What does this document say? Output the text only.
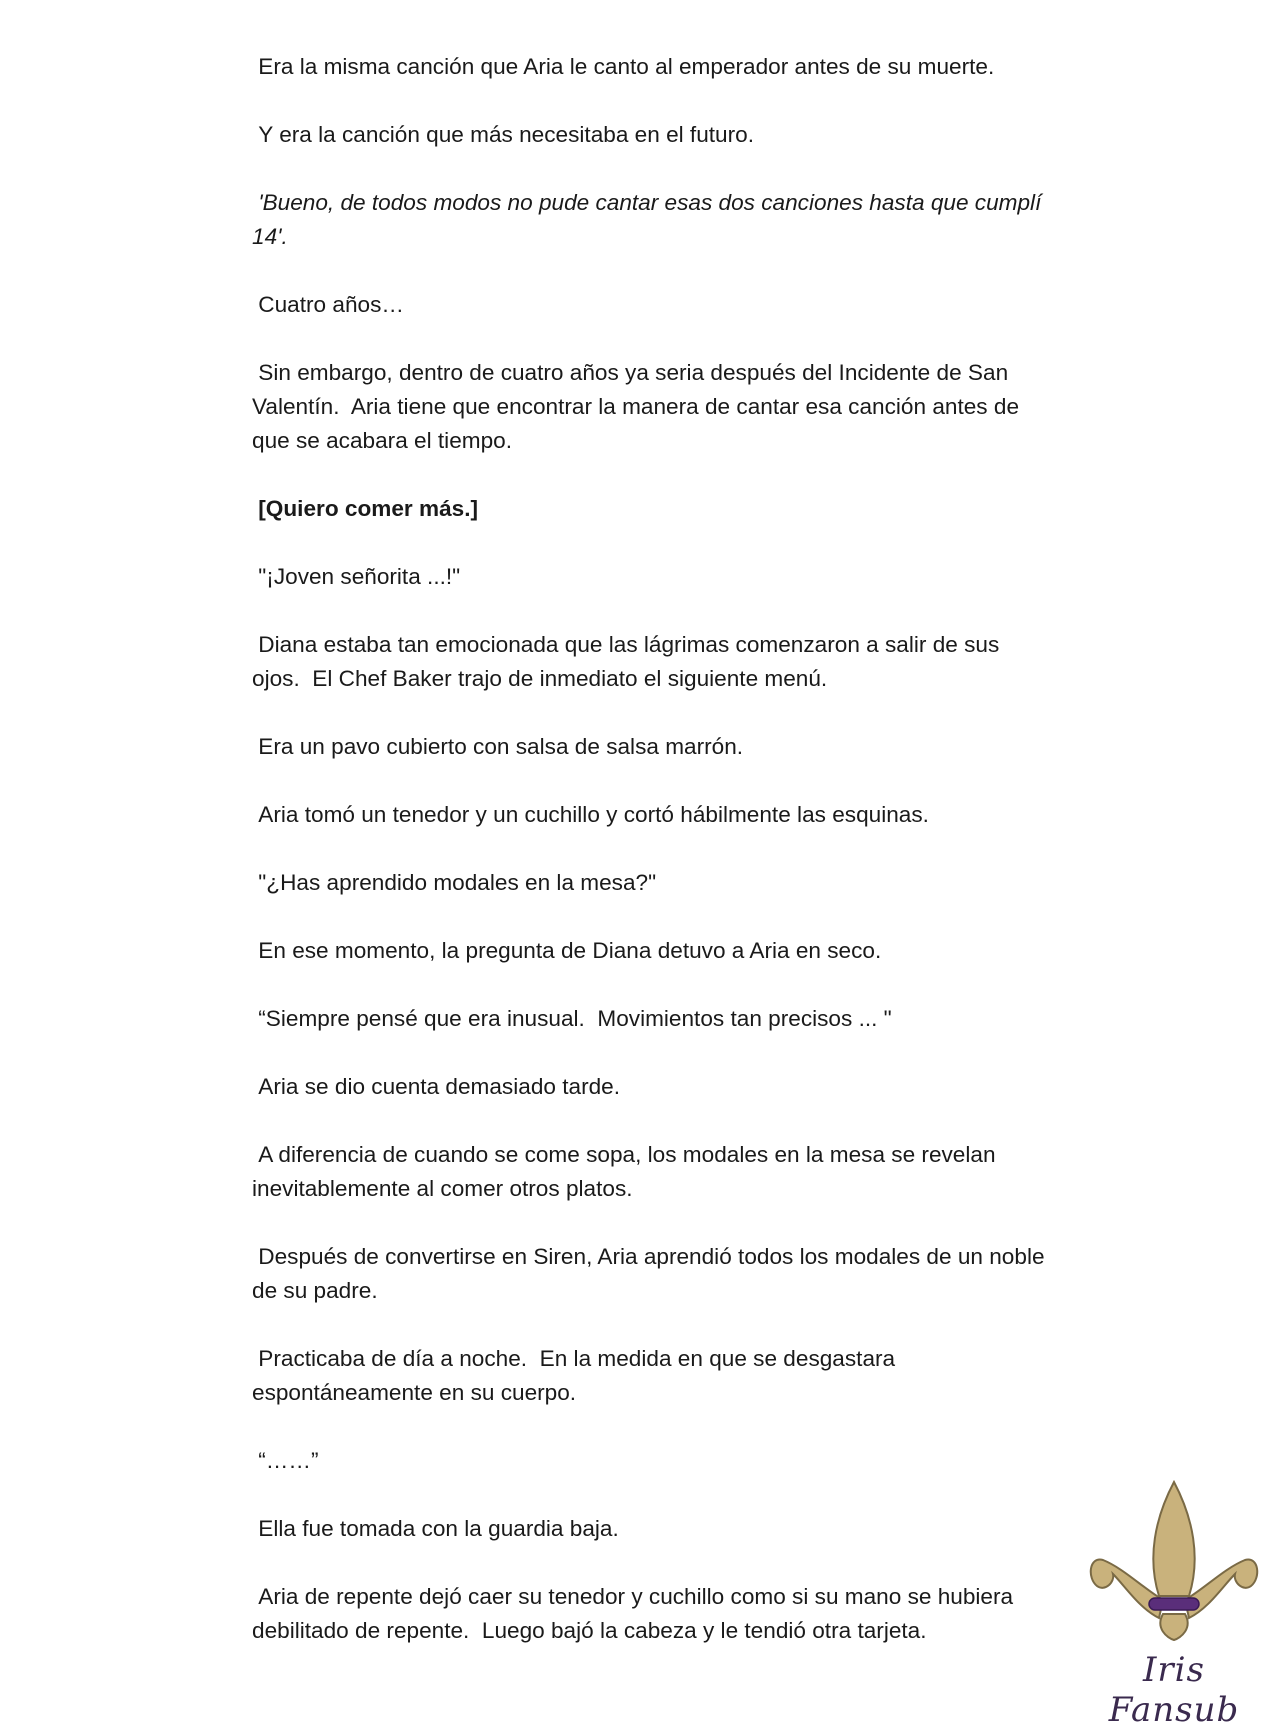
Era la misma canción que Aria le canto al emperador antes de su muerte.

Y era la canción que más necesitaba en el futuro.

'Bueno, de todos modos no pude cantar esas dos canciones hasta que cumplí 14'.

Cuatro años…

Sin embargo, dentro de cuatro años ya seria después del Incidente de San Valentín.  Aria tiene que encontrar la manera de cantar esa canción antes de que se acabara el tiempo.

[Quiero comer más.]

"¡Joven señorita ...!"

Diana estaba tan emocionada que las lágrimas comenzaron a salir de sus ojos.  El Chef Baker trajo de inmediato el siguiente menú.

Era un pavo cubierto con salsa de salsa marrón.

Aria tomó un tenedor y un cuchillo y cortó hábilmente las esquinas.

"¿Has aprendido modales en la mesa?"

En ese momento, la pregunta de Diana detuvo a Aria en seco.

“Siempre pensé que era inusual.  Movimientos tan precisos ... "

Aria se dio cuenta demasiado tarde.

A diferencia de cuando se come sopa, los modales en la mesa se revelan inevitablemente al comer otros platos.

Después de convertirse en Siren, Aria aprendió todos los modales de un noble de su padre.

Practicaba de día a noche.  En la medida en que se desgastara espontáneamente en su cuerpo.

“……”

Ella fue tomada con la guardia baja.

Aria de repente dejó caer su tenedor y cuchillo como si su mano se hubiera debilitado de repente.  Luego bajó la cabeza y le tendió otra tarjeta.

Iris Fansub
